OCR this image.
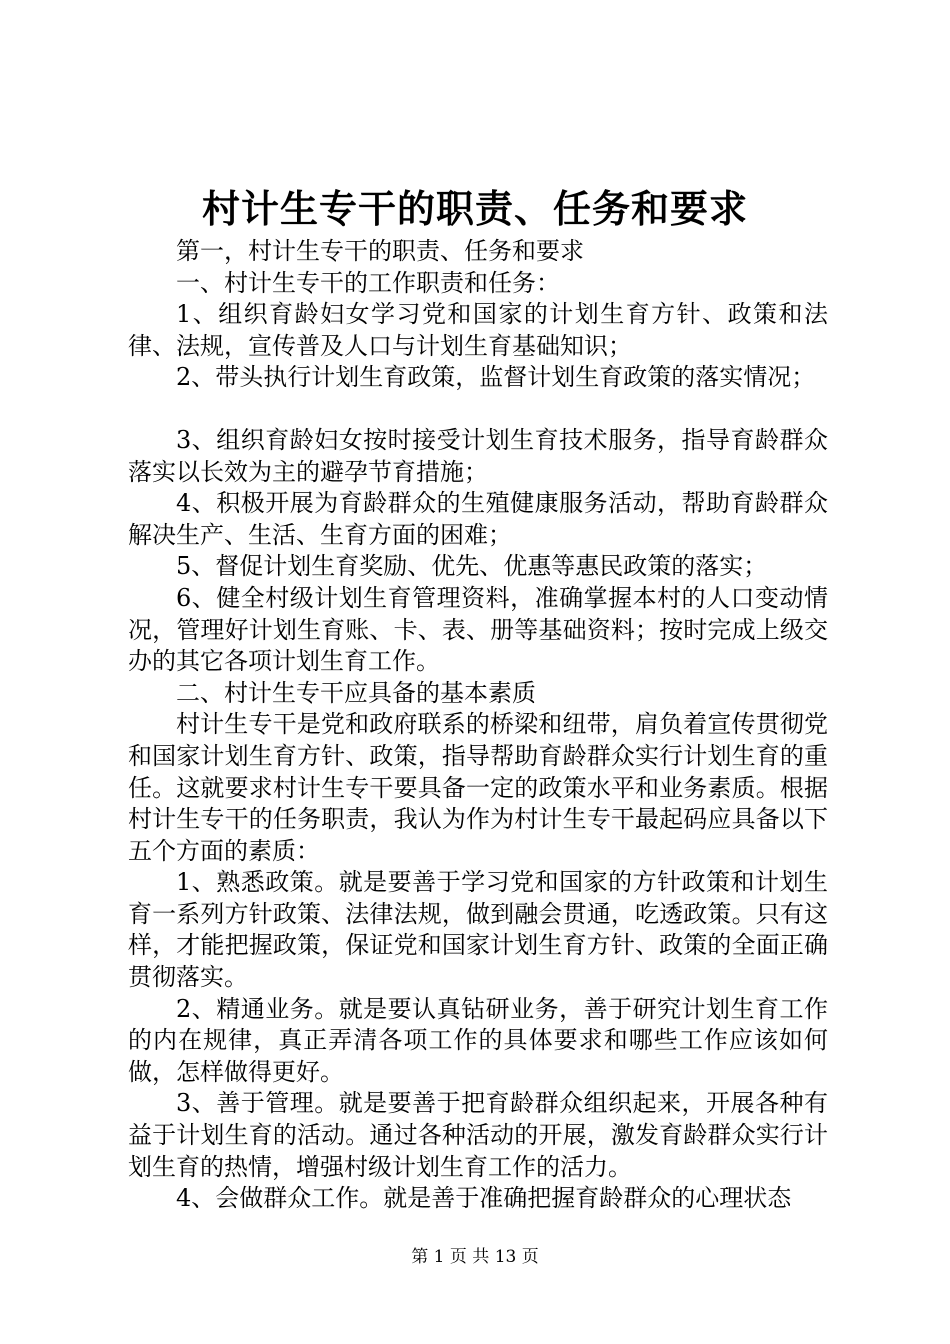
村计生专干的职责、任务和要求

第一，村计生专干的职责、任务和要求

一、村计生专干的工作职责和任务：

1、组织育龄妇女学习党和国家的计划生育方针、政策和法律、法规，宣传普及人口与计划生育基础知识；

2、带头执行计划生育政策，监督计划生育政策的落实情况；

3、组织育龄妇女按时接受计划生育技术服务，指导育龄群众落实以长效为主的避孕节育措施；

4、积极开展为育龄群众的生殖健康服务活动，帮助育龄群众解决生产、生活、生育方面的困难；

5、督促计划生育奖励、优先、优惠等惠民政策的落实；

6、健全村级计划生育管理资料，准确掌握本村的人口变动情况，管理好计划生育账、卡、表、册等基础资料；按时完成上级交办的其它各项计划生育工作。

二、村计生专干应具备的基本素质

村计生专干是党和政府联系的桥梁和纽带，肩负着宣传贯彻党和国家计划生育方针、政策，指导帮助育龄群众实行计划生育的重任。这就要求村计生专干要具备一定的政策水平和业务素质。根据村计生专干的任务职责，我认为作为村计生专干最起码应具备以下五个方面的素质：

1、熟悉政策。就是要善于学习党和国家的方针政策和计划生育一系列方针政策、法律法规，做到融会贯通，吃透政策。只有这样，才能把握政策，保证党和国家计划生育方针、政策的全面正确贯彻落实。

2、精通业务。就是要认真钻研业务，善于研究计划生育工作的内在规律，真正弄清各项工作的具体要求和哪些工作应该如何做，怎样做得更好。

3、善于管理。就是要善于把育龄群众组织起来，开展各种有益于计划生育的活动。通过各种活动的开展，激发育龄群众实行计划生育的热情，增强村级计划生育工作的活力。

4、会做群众工作。就是善于准确把握育龄群众的心理状态

第 1 页 共 13 页
